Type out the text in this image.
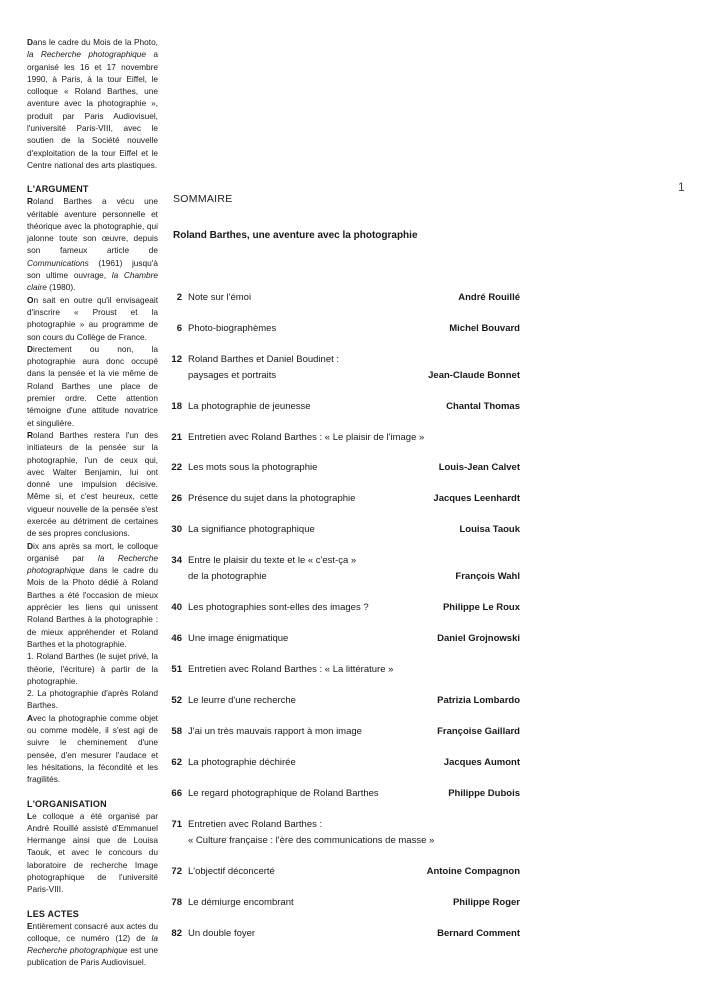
Dans le cadre du Mois de la Photo, la Recherche photographique a organisé les 16 et 17 novembre 1990, à Paris, à la tour Eiffel, le colloque « Roland Barthes, une aventure avec la photographie », produit par Paris Audiovisuel, l'université Paris-VIII, avec le soutien de la Société nouvelle d'exploitation de la tour Eiffel et le Centre national des arts plastiques.

L'ARGUMENT

Roland Barthes a vécu une véritable aventure personnelle et théorique avec la photographie, qui jalonne toute son œuvre, depuis son fameux article de Communications (1961) jusqu'à son ultime ouvrage, la Chambre claire (1980).

On sait en outre qu'il envisageait d'inscrire « Proust et la photographie » au programme de son cours du Collège de France.

Directement ou non, la photographie aura donc occupé dans la pensée et la vie même de Roland Barthes une place de premier ordre. Cette attention témoigne d'une attitude novatrice et singulière.

Roland Barthes restera l'un des initiateurs de la pensée sur la photographie, l'un de ceux qui, avec Walter Benjamin, lui ont donné une impulsion décisive. Même si, et c'est heureux, cette vigueur nouvelle de la pensée s'est exercée au détriment de certaines de ses propres conclusions.

Dix ans après sa mort, le colloque organisé par la Recherche photographique dans le cadre du Mois de la Photo dédié à Roland Barthes a été l'occasion de mieux apprécier les liens qui unissent Roland Barthes à la photographie : de mieux appréhender et Roland Barthes et la photographie.

1. Roland Barthes (le sujet privé, la théorie, l'écriture) à partir de la photographie.

2. La photographie d'après Roland Barthes.

Avec la photographie comme objet ou comme modèle, il s'est agi de suivre le cheminement d'une pensée, d'en mesurer l'audace et les hésitations, la fécondité et les fragilités.

L'ORGANISATION

Le colloque a été organisé par André Rouillé assisté d'Emmanuel Hermange ainsi que de Louisa Taouk, et avec le concours du laboratoire de recherche Image photographique de l'université Paris-VIII.

LES ACTES

Entièrement consacré aux actes du colloque, ce numéro (12) de la Recherche photographique est une publication de Paris Audiovisuel.

1
SOMMAIRE
Roland Barthes, une aventure avec la photographie
2 Note sur l'émoi	André Rouillé
6 Photo-biographèmes	Michel Bouvard
12 Roland Barthes et Daniel Boudinet :
paysages et portraits	Jean-Claude Bonnet
18 La photographie de jeunesse	Chantal Thomas
21 Entretien avec Roland Barthes : « Le plaisir de l'image »
22 Les mots sous la photographie	Louis-Jean Calvet
26 Présence du sujet dans la photographie	Jacques Leenhardt
30 La signifiance photographique	Louisa Taouk
34 Entre le plaisir du texte et le « c'est-ça »
de la photographie	François Wahl
40 Les photographies sont-elles des images ?	Philippe Le Roux
46 Une image énigmatique	Daniel Grojnowski
51 Entretien avec Roland Barthes : « La littérature »
52 Le leurre d'une recherche	Patrizia Lombardo
58 J'ai un très mauvais rapport à mon image	Françoise Gaillard
62 La photographie déchirée	Jacques Aumont
66 Le regard photographique de Roland Barthes	Philippe Dubois
71 Entretien avec Roland Barthes :
« Culture française : l'ère des communications de masse »
72 L'objectif déconcerté	Antoine Compagnon
78 Le démiurge encombrant	Philippe Roger
82 Un double foyer	Bernard Comment
